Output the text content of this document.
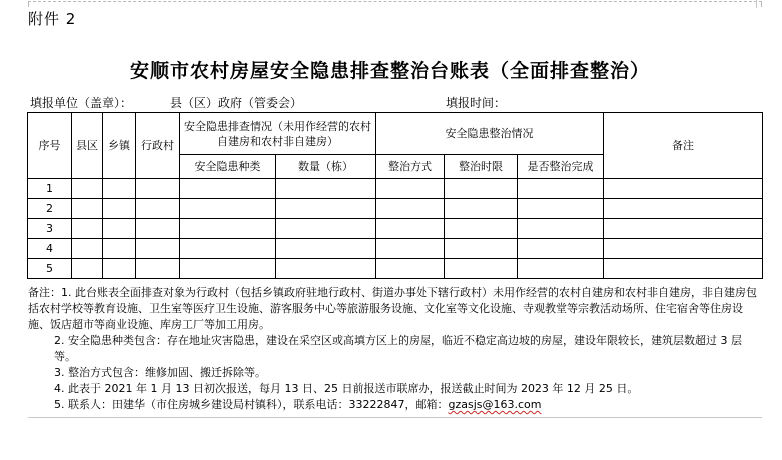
附件 2
安顺市农村房屋安全隐患排查整治台账表（全面排查整治）
填报单位（盖章）：	县（区）政府（管委会）	填报时间：
序号	县区	乡镇	行政村	安全隐患排查情况（未用作经营的农村自建房和农村非自建房）		安全隐患整治情况			备注
				安全隐患种类	数量（栋）	整治方式	整治时限	是否整治完成	
1									
2									
3									
4									
5									

备注：1. 此台账表全面排查对象为行政村（包括乡镇政府驻地行政村、街道办事处下辖行政村）未用作经营的农村自建房和农村非自建房，非自建房包括农村学校等教育设施、卫生室等医疗卫生设施、游客服务中心等旅游服务设施、文化室等文化设施、寺观教堂等宗教活动场所、住宅宿舍等住房设施、饭店超市等商业设施、库房工厂等加工用房。

2. 安全隐患种类包含：存在地址灾害隐患，建设在采空区或高填方区上的房屋，临近不稳定高边坡的房屋，建设年限较长，建筑层数超过 3 层等。

3. 整治方式包含：维修加固、搬迁拆除等。

4. 此表于 2021 年 1 月 13 日初次报送，每月 13 日、25 日前报送市联席办，报送截止时间为 2023 年 12 月 25 日。

5. 联系人：田建华（市住房城乡建设局村镇科），联系电话：33222847，邮箱：gzasjs@163.com
